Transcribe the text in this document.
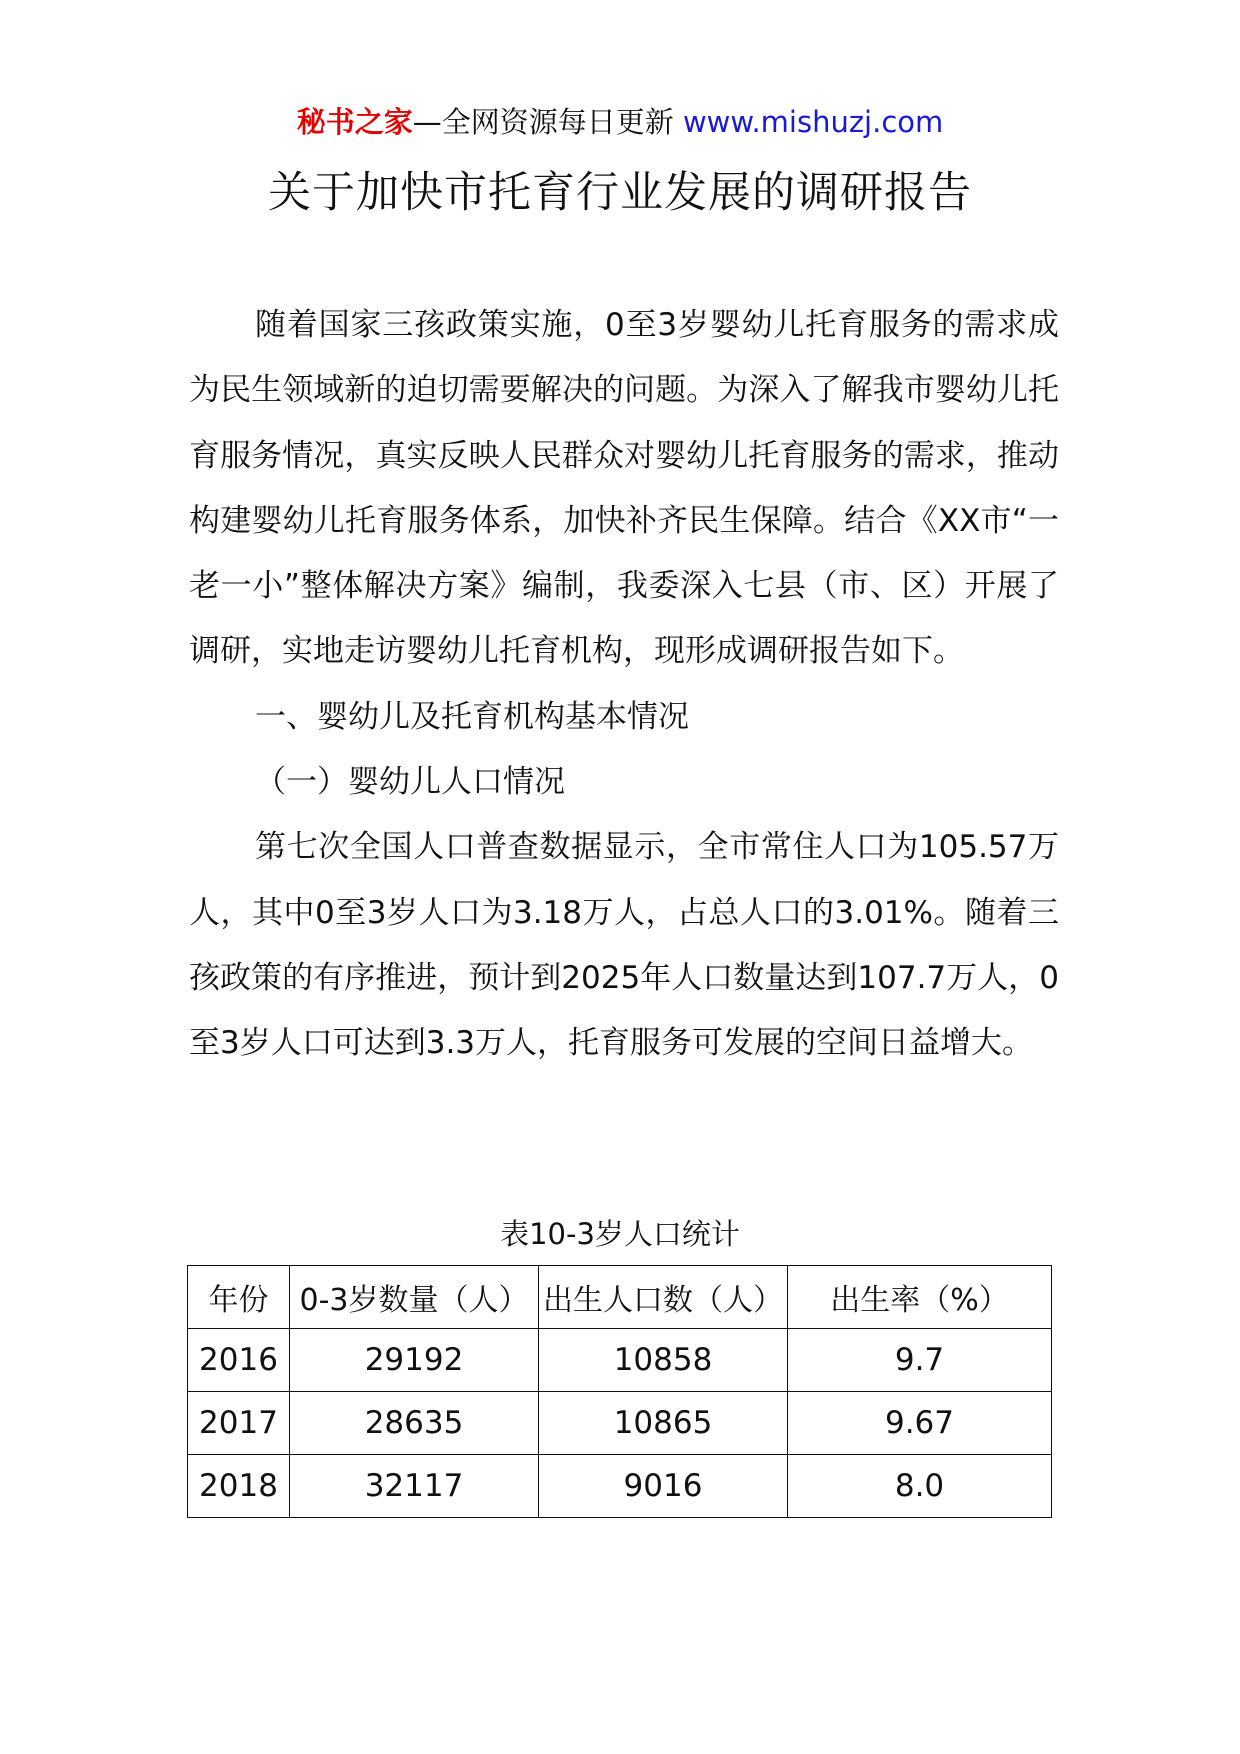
秘书之家—全网资源每日更新 www.mishuzj.com
关于加快市托育行业发展的调研报告

随着国家三孩政策实施，0至3岁婴幼儿托育服务的需求成为民生领域新的迫切需要解决的问题。为深入了解我市婴幼儿托育服务情况，真实反映人民群众对婴幼儿托育服务的需求，推动构建婴幼儿托育服务体系，加快补齐民生保障。结合《XX市“一老一小”整体解决方案》编制，我委深入七县（市、区）开展了调研，实地走访婴幼儿托育机构，现形成调研报告如下。

一、婴幼儿及托育机构基本情况

（一）婴幼儿人口情况

第七次全国人口普查数据显示，全市常住人口为105.57万人，其中0至3岁人口为3.18万人，占总人口的3.01%。随着三孩政策的有序推进，预计到2025年人口数量达到107.7万人，0至3岁人口可达到3.3万人，托育服务可发展的空间日益增大。

表10-3岁人口统计
年份	0-3岁数量（人）	出生人口数（人）	出生率（%）
2016	29192	10858	9.7
2017	28635	10865	9.67
2018	32117	9016	8.0
